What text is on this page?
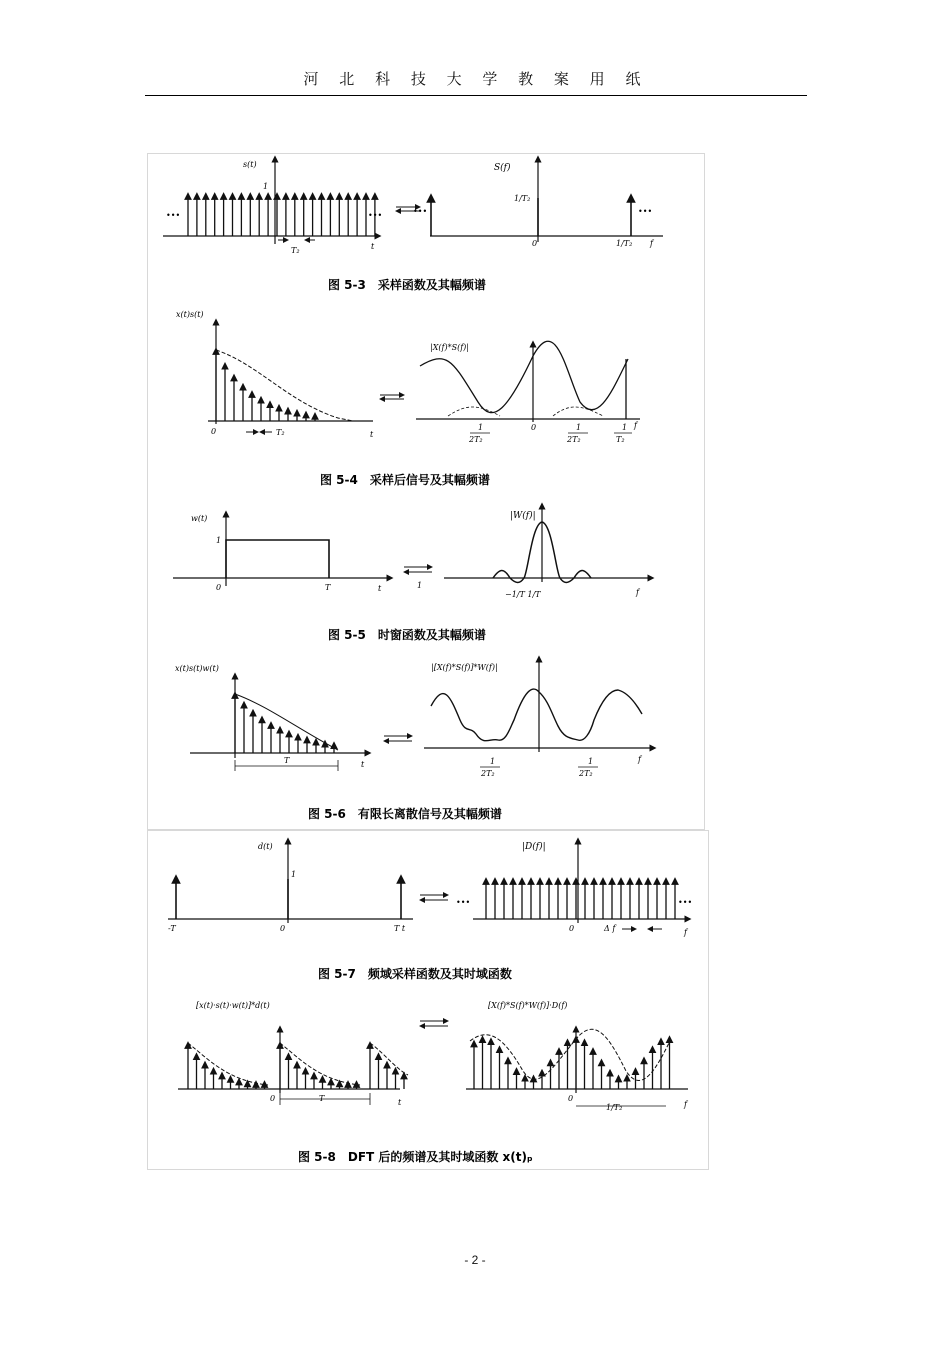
河 北 科 技 大 学 教 案 用 纸
s(t)
1
•••	•••
T₂	t
S(f)
1/T₂
•••	•••
0	1/T₂ f
图 5-3　采样函数及其幅频谱
x(t)s(t)
0	T₂	t
|X(f)*S(f)|
1
2T₂
0	1
2T₂
1
T₂
f
图 5-4　采样后信号及其幅频谱
w(t)
1
0	T	t	1
|W(f)|
−1/T 1/T	f
图 5-5　时窗函数及其幅频谱
x(t)s(t)w(t)
T	t
|[X(f)*S(f)]*W(f)|
1
2T₂
1
2T₂
f
图 5-6　有限长离散信号及其幅频谱
d(t)
1
-T	0	T t
•••	•••
|D(f)|
0	Δ f	f
图 5-7　频域采样函数及其时域函数
[x(t)·s(t)·w(t)]*d(t)
0	T	t
[X(f)*S(f)*W(f)]·D(f)
0
1/T₂	f
图 5-8　DFT 后的频谱及其时域函数 x(t)ₚ
- 2 -
